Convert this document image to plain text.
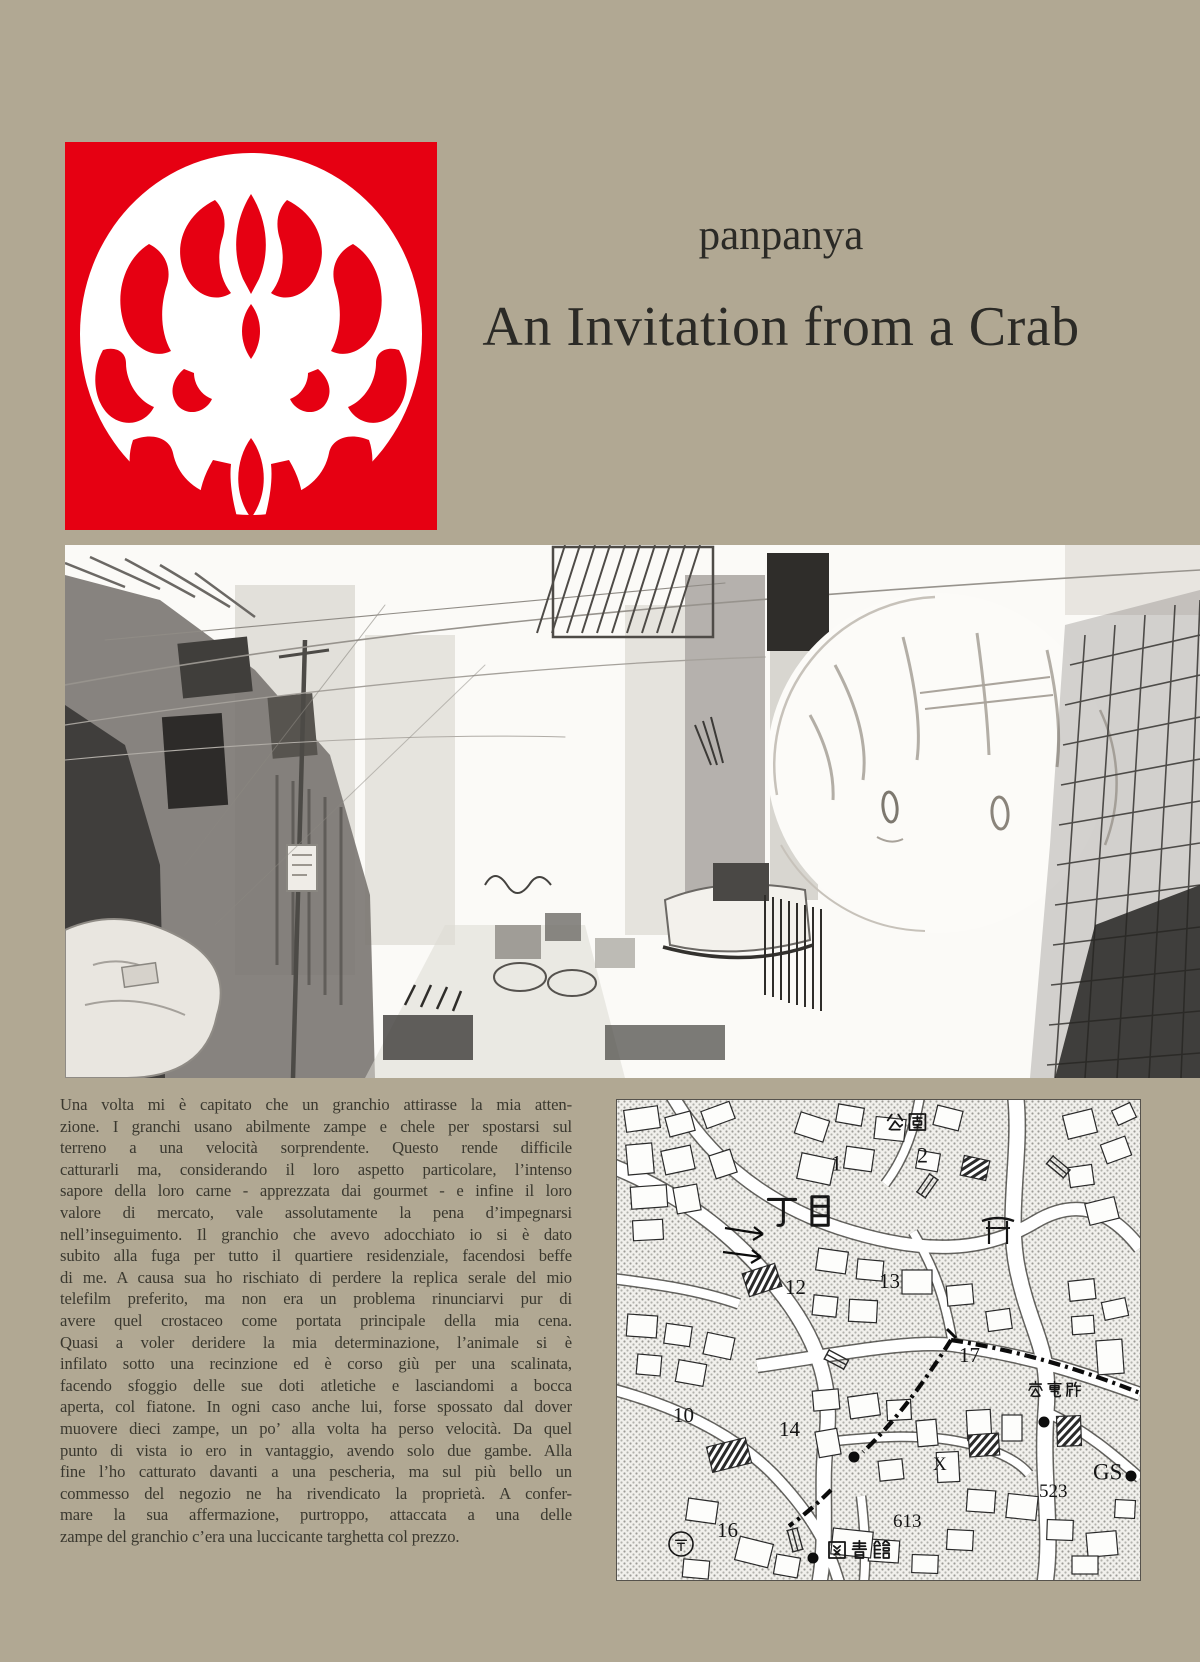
panpanya
An Invitation from a Crab
Una volta mi è capitato che un granchio attirasse la mia atten-
zione. I granchi usano abilmente zampe e chele per spostarsi sul
terreno a una velocità sorprendente. Questo rende difficile
catturarli ma, considerando il loro aspetto particolare, l’intenso
sapore della loro carne - apprezzata dai gourmet - e infine il loro
valore di mercato, vale assolutamente la pena d’impegnarsi
nell’inseguimento. Il granchio che avevo adocchiato io si è dato
subito alla fuga per tutto il quartiere residenziale, facendosi beffe
di me. A causa sua ho rischiato di perdere la replica serale del mio
telefilm preferito, ma non era un problema rinunciarvi pur di
avere quel crostaceo come portata principale della mia cena.
Quasi a voler deridere la mia determinazione, l’animale si è
infilato sotto una recinzione ed è corso giù per una scalinata,
facendo sfoggio delle sue doti atletiche e lasciandomi a bocca
aperta, col fiatone. In ogni caso anche lui, forse spossato dal dover
muovere dieci zampe, un po’ alla volta ha perso velocità. Da quel
punto di vista io ero in vantaggio, avendo solo due gambe. Alla
fine l’ho catturato davanti a una pescheria, ma sul più bello un
commesso del negozio ne ha rivendicato la proprietà. A confer-
mare la sua affermazione, purtroppo, attaccata a una delle
zampe del granchio c’era una luccicante targhetta col prezzo.
2
1
12	13
17
10
14
X	GS
523
613
16
